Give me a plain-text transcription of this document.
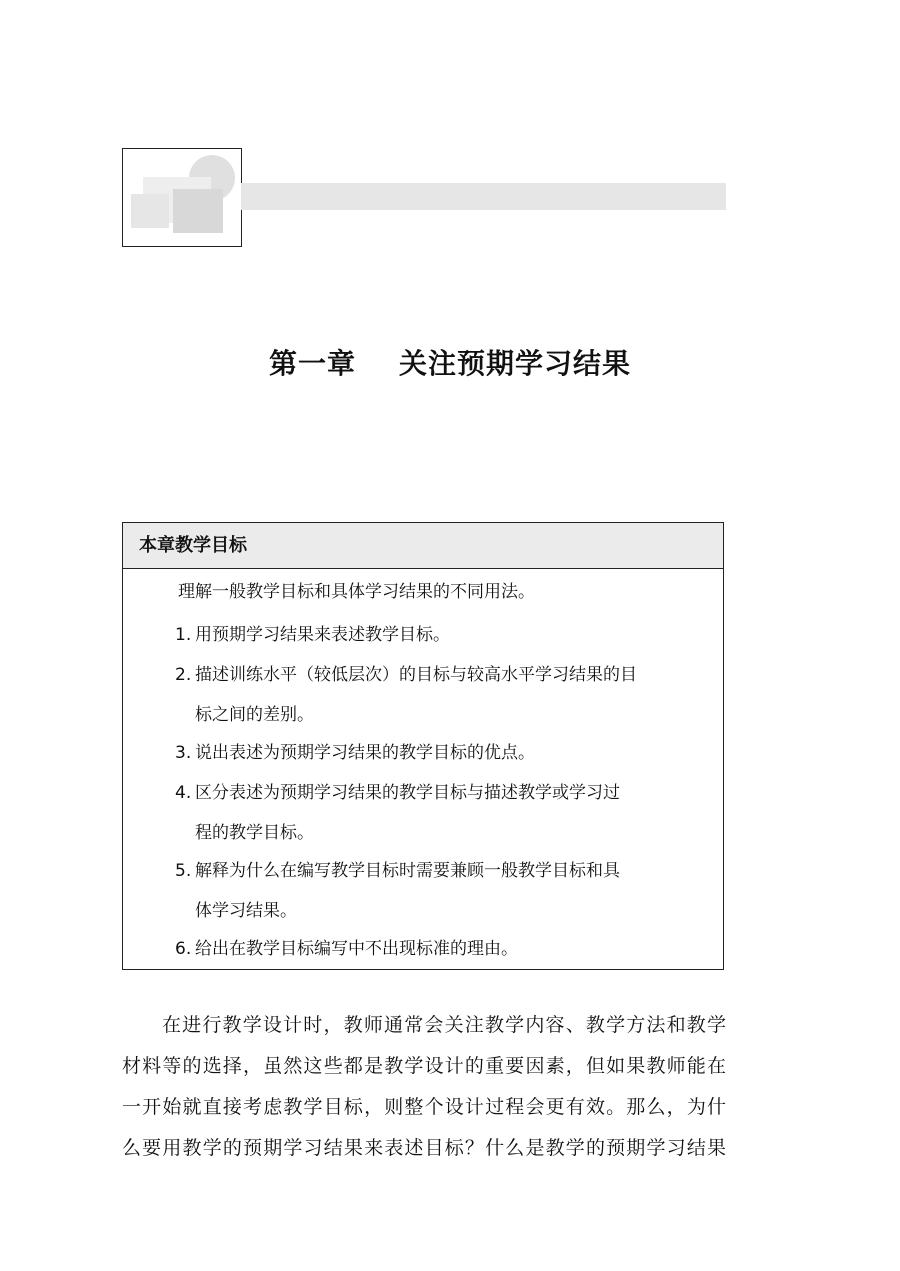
第一章    关注预期学习结果
本章教学目标
理解一般教学目标和具体学习结果的不同用法。
1. 用预期学习结果来表述教学目标。
2. 描述训练水平（较低层次）的目标与较高水平学习结果的目
标之间的差别。
3. 说出表述为预期学习结果的教学目标的优点。
4. 区分表述为预期学习结果的教学目标与描述教学或学习过
程的教学目标。
5. 解释为什么在编写教学目标时需要兼顾一般教学目标和具
体学习结果。
6. 给出在教学目标编写中不出现标准的理由。
在进行教学设计时，教师通常会关注教学内容、教学方法和教学
材料等的选择，虽然这些都是教学设计的重要因素，但如果教师能在
一开始就直接考虑教学目标，则整个设计过程会更有效。那么，为什
么要用教学的预期学习结果来表述目标？什么是教学的预期学习结果
